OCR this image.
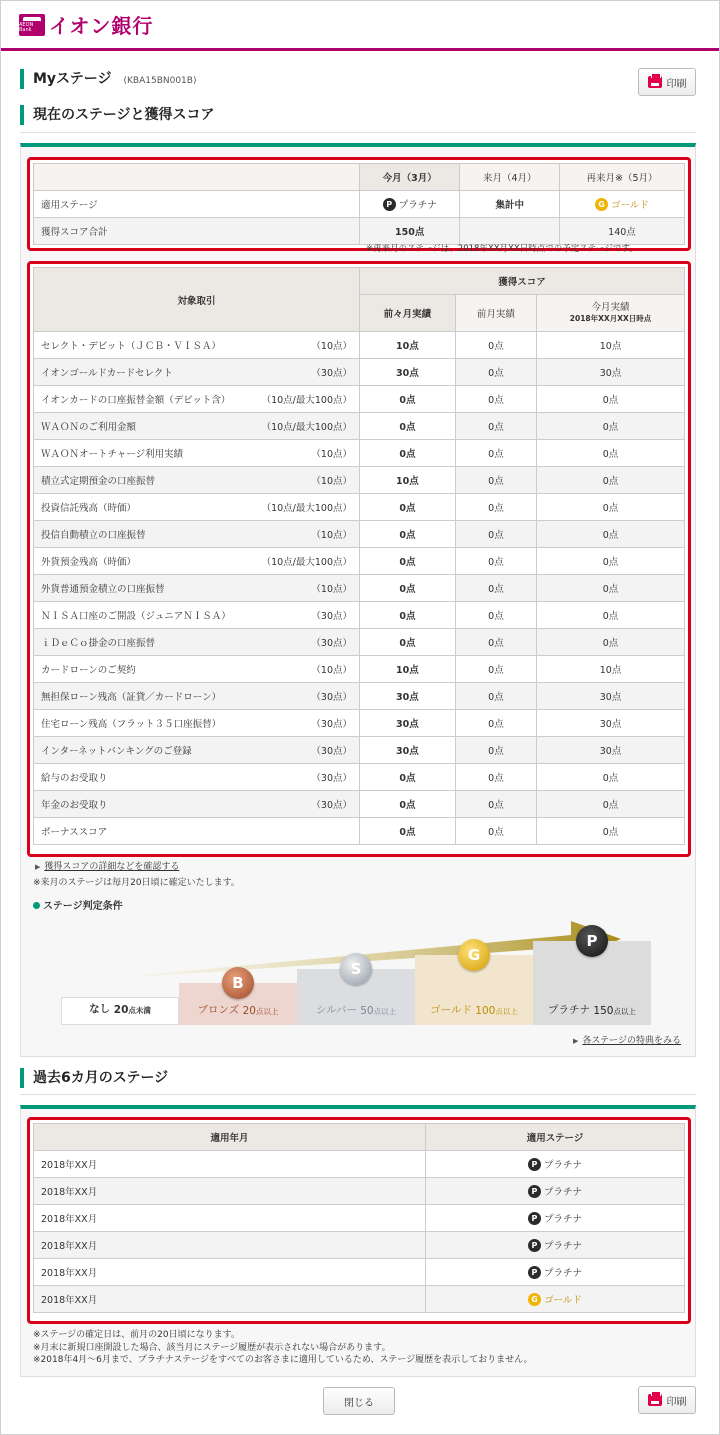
AEON Bank イオン銀行
Myステージ (KBA15BN001B)	印刷
現在のステージと獲得スコア
	今月（3月）	来月（4月）	再来月※（5月）
適用ステージ	P プラチナ	集計中	G ゴールド

獲得スコア合計	150点		140点
※再来月のステージは、2018年XX月XX日時点での予定ステージです。
対象取引	獲得スコア		
	前々月実績	前月実績	今月実績
2018年XX月XX日時点

セレクト・デビット（ＪＣＢ・ＶＩＳＡ） （10点）	10点	0点	10点

イオンゴールドカードセレクト （30点）	30点	0点	30点

イオンカードの口座振替金額（デビット含） （10点/最大100点）	0点	0点	0点

ＷＡＯＮのご利用金額 （10点/最大100点）	0点	0点	0点

ＷＡＯＮオートチャージ利用実績 （10点）	0点	0点	0点

積立式定期預金の口座振替 （10点）	10点	0点	0点

投資信託残高（時価） （10点/最大100点）	0点	0点	0点

投信自動積立の口座振替 （10点）	0点	0点	0点

外貨預金残高（時価） （10点/最大100点）	0点	0点	0点

外貨普通預金積立の口座振替 （10点）	0点	0点	0点

ＮＩＳＡ口座のご開設（ジュニアＮＩＳＡ） （30点）	0点	0点	0点

ｉＤｅＣｏ掛金の口座振替 （30点）	0点	0点	0点

カードローンのご契約 （10点）	10点	0点	10点

無担保ローン残高（証貸／カードローン） （30点）	30点	0点	30点

住宅ローン残高（フラット３５口座振替） （30点）	30点	0点	30点

インターネットバンキングのご登録 （30点）	30点	0点	30点

給与のお受取り （30点）	0点	0点	0点

年金のお受取り （30点）	0点	0点	0点

ボーナススコア	0点	0点	0点
▶ 獲得スコアの詳細などを確認する
※来月のステージは毎月20日頃に確定いたします。
ステージ判定条件
なし
20 点未満	ブロンズ
20 点以上
B
シルバー
50 点以上
S
ゴールド
100 点以上
G
プラチナ
150 点以上
P
▶ 各ステージの特典をみる
過去6カ月のステージ
適用年月	適用ステージ
2018年XX月	P プラチナ

2018年XX月	P プラチナ

2018年XX月	P プラチナ

2018年XX月	P プラチナ

2018年XX月	P プラチナ

2018年XX月	G ゴールド
※ステージの確定日は、前月の20日頃になります。
※月末に新規口座開設した場合、該当月にステージ履歴が表示されない場合があります。
※2018年4月～6月まで、プラチナステージをすべてのお客さまに適用しているため、ステージ履歴を表示しておりません。
閉じる	印刷
